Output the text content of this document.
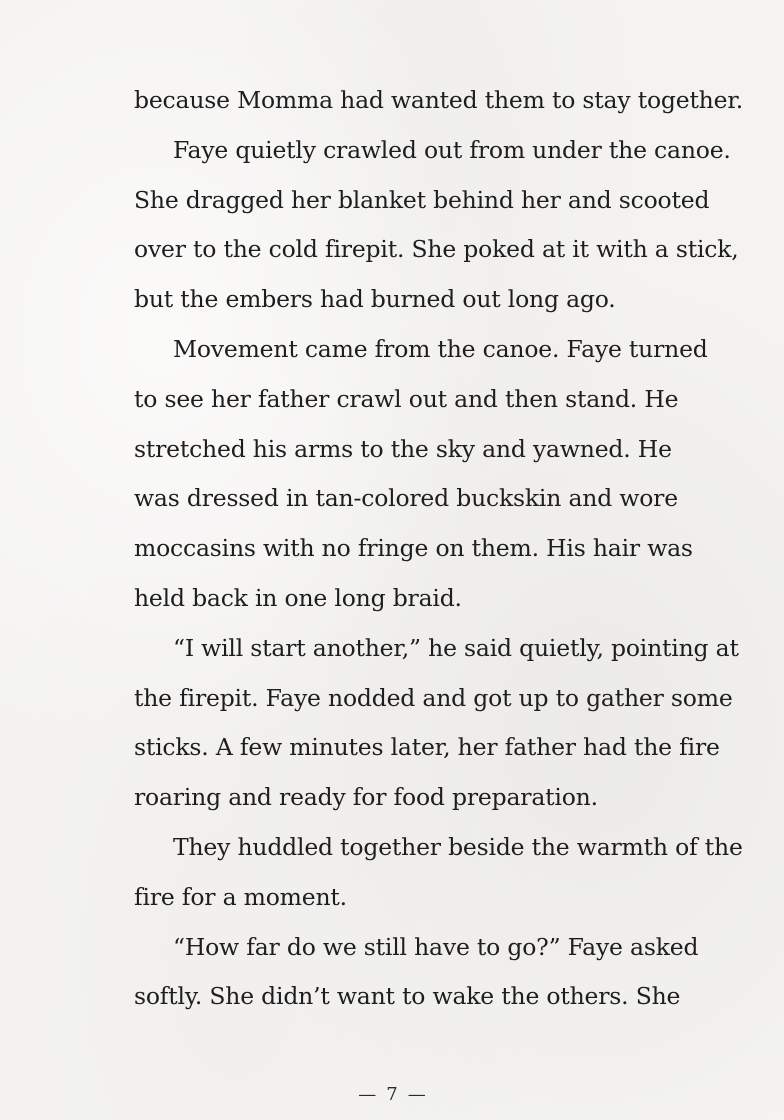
because Momma had wanted them to stay together.

Faye quietly crawled out from under the canoe.
She dragged her blanket behind her and scooted
over to the cold firepit. She poked at it with a stick,
but the embers had burned out long ago.

Movement came from the canoe. Faye turned
to see her father crawl out and then stand. He
stretched his arms to the sky and yawned. He
was dressed in tan-colored buckskin and wore
moccasins with no fringe on them. His hair was
held back in one long braid.

“I will start another,” he said quietly, pointing at
the firepit. Faye nodded and got up to gather some
sticks. A few minutes later, her father had the fire
roaring and ready for food preparation.

They huddled together beside the warmth of the
fire for a moment.

“How far do we still have to go?” Faye asked
softly. She didn’t want to wake the others. She

— 7 —
